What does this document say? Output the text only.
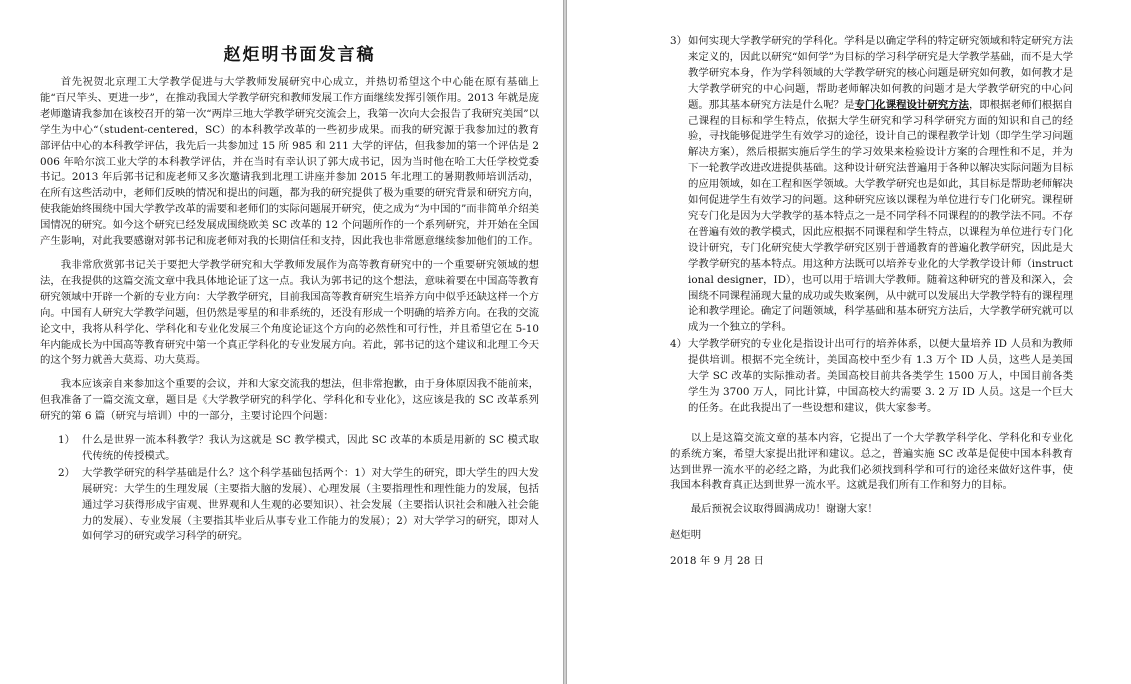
赵炬明书面发言稿

首先祝贺北京理工大学教学促进与大学教师发展研究中心成立，并热切希望这个中心能在原有基础上能“百尺竿头、更进一步”，在推动我国大学教学研究和教师发展工作方面继续发挥引领作用。2013 年就是庞老师邀请我参加在该校召开的第一次“两岸三地大学教学研究交流会上，我第一次向大会报告了我研究美国”以学生为中心“（student-centered，SC）的本科教学改革的一些初步成果。而我的研究源于我参加过的教育部评估中心的本科教学评估，我先后一共参加过 15 所 985 和 211 大学的评估，但我参加的第一个评估是 2006 年哈尔滨工业大学的本科教学评估，并在当时有幸认识了郭大成书记，因为当时他在哈工大任学校党委书记。2013 年后郭书记和庞老师又多次邀请我到北理工讲座并参加 2015 年北理工的暑期教师培训活动，在所有这些活动中，老师们反映的情况和提出的问题，都为我的研究提供了极为重要的研究背景和研究方向，使我能始终围绕中国大学教学改革的需要和老师们的实际问题展开研究，使之成为“为中国的”而非简单介绍美国情况的研究。如今这个研究已经发展成围绕欧美 SC 改革的 12 个问题所作的一个系列研究，并开始在全国产生影响，对此我要感谢对郭书记和庞老师对我的长期信任和支持，因此我也非常愿意继续参加他们的工作。

我非常欣赏郭书记关于要把大学教学研究和大学教师发展作为高等教育研究中的一个重要研究领域的想法，在我提供的这篇交流文章中我具体地论证了这一点。我认为郭书记的这个想法，意味着要在中国高等教育研究领域中开辟一个新的专业方向：大学教学研究，目前我国高等教育研究生培养方向中似乎还缺这样一个方向。中国有人研究大学教学问题，但仍然是零星的和非系统的，还没有形成一个明确的培养方向。在我的交流论文中，我将从科学化、学科化和专业化发展三个角度论证这个方向的必然性和可行性，并且希望它在 5-10 年内能成长为中国高等教育研究中第一个真正学科化的专业发展方向。若此，郭书记的这个建议和北理工今天的这个努力就善大莫焉、功大莫焉。

我本应该亲自来参加这个重要的会议，并和大家交流我的想法，但非常抱歉，由于身体原因我不能前来，但我准备了一篇交流文章，题目是《大学教学研究的科学化、学科化和专业化》，这应该是我的 SC 改革系列研究的第 6 篇（研究与培训）中的一部分，主要讨论四个问题：

1） 什么是世界一流本科教学？我认为这就是 SC 教学模式，因此 SC 改革的本质是用新的 SC 模式取代传统的传授模式。
2） 大学教学研究的科学基础是什么？这个科学基础包括两个：1）对大学生的研究，即大学生的四大发展研究：大学生的生理发展（主要指大脑的发展）、心理发展（主要指理性和理性能力的发展，包括通过学习获得形成宇宙观、世界观和人生观的必要知识）、社会发展（主要指认识社会和融入社会能力的发展）、专业发展（主要指其毕业后从事专业工作能力的发展）；2）对大学学习的研究，即对人如何学习的研究或学习科学的研究。
3） 如何实现大学教学研究的学科化。学科是以确定学科的特定研究领域和特定研究方法来定义的，因此以研究“如何学”为目标的学习科学研究是大学教学基础，而不是大学教学研究本身，作为学科领域的大学教学研究的核心问题是研究如何教，如何教才是大学教学研究的中心问题，帮助老师解决如何教的问题才是大学教学研究的中心问题。那其基本研究方法是什么呢？是专门化课程设计研究方法，即根据老师们根据自己课程的目标和学生特点，依据大学生研究和学习科学研究方面的知识和自己的经验，寻找能够促进学生有效学习的途径，设计自己的课程教学计划（即学生学习问题解决方案），然后根据实施后学生的学习效果来检验设计方案的合理性和不足，并为下一轮教学改进改进提供基础。这种设计研究法普遍用于各种以解决实际问题为目标的应用领域，如在工程和医学领域。大学教学研究也是如此，其目标是帮助老师解决如何促进学生有效学习的问题。这种研究应该以课程为单位进行专门化研究。课程研究专门化是因为大学教学的基本特点之一是不同学科不同课程的的教学法不同。不存在普遍有效的教学模式，因此应根据不同课程和学生特点，以课程为单位进行专门化设计研究，专门化研究使大学教学研究区别于普通教育的普遍化教学研究，因此是大学教学研究的基本特点。用这种方法既可以培养专业化的大学教学设计师（instructional designer，ID），也可以用于培训大学教师。随着这种研究的普及和深入，会围绕不同课程涌现大量的成功或失败案例，从中就可以发展出大学教学特有的课程理论和教学理论。确定了问题领域，科学基础和基本研究方法后，大学教学研究就可以成为一个独立的学科。
4） 大学教学研究的专业化是指设计出可行的培养体系，以便大量培养 ID 人员和为教师提供培训。根据不完全统计，美国高校中至少有 1.3 万个 ID 人员，这些人是美国大学 SC 改革的实际推动者。美国高校目前共各类学生 1500 万人，中国目前各类学生为 3700 万人，同比计算，中国高校大约需要 3. 2 万 ID 人员。这是一个巨大的任务。在此我提出了一些设想和建议，供大家参考。

以上是这篇交流文章的基本内容，它提出了一个大学教学科学化、学科化和专业化的系统方案，希望大家提出批评和建议。总之，普遍实施 SC 改革是促使中国本科教育达到世界一流水平的必经之路，为此我们必须找到科学和可行的途径来做好这件事，使我国本科教育真正达到世界一流水平。这就是我们所有工作和努力的目标。

最后预祝会议取得圆满成功！谢谢大家！

赵炬明
2018 年 9 月 28 日
